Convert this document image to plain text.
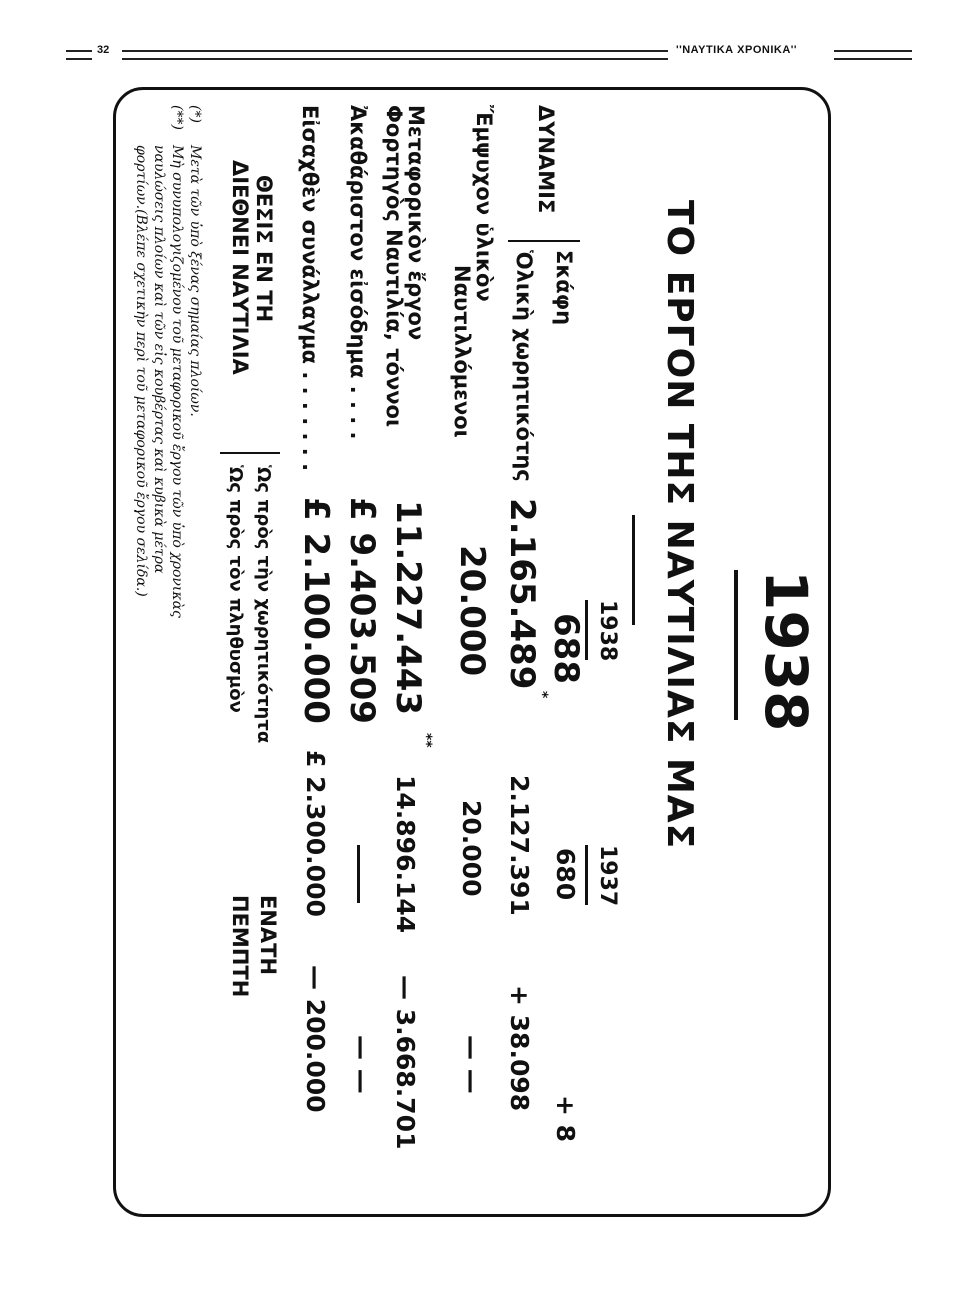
32	''ΝΑΥΤΙΚΑ ΧΡΟΝΙΚΑ''
1938
ΤΟ ΕΡΓΟΝ ΤΗΣ ΝΑΥΤΙΛΙΑΣ ΜΑΣ
1938
1937
ΔΥΝΑΜΙΣ
Σκάφη
688
680
+ 8
Ὁλικὴ χωρητικότης
2.165.489
*
2.127.391
+ 38.098
Ἔμψυχον ὑλικὸν
Ναυτιλλόμενοι
20.000
20.000
— —
Μεταφορικὸν ἔργον
Φορτηγὸς Ναυτιλία, τόννοι
11.227.443
**
14.896.144
— 3.668.701
Ἀκαθάριστον εἰσόδημα . . . .
£ 9.403.509
— —
Εἰσαχθὲν συνάλλαγμα . . . . . . .
£ 2.100.000
£ 2.300.000
— 200.000
ΘΕΣΙΣ ΕΝ ΤΗ
ΔΙΕΘΝΕΙ ΝΑΥΤΙΛΙΑ
Ὡς πρὸς τὴν χωρητικότητα
Ὡς πρὸς τὸν πληθυσμὸν
ΕΝΑΤΗ
ΠΕΜΠΤΗ
(*)
Μετὰ τῶν ὑπὸ ξένας σημαίας πλοίων.
(**)
Μὴ συνυπολογιζομένου τοῦ μεταφορικοῦ ἔργου τῶν ὑπὸ χρονικὰς
ναυλώσεις πλοίων καὶ τῶν εἰς κουβέρτας καὶ κυβικὰ μέτρα
φορτίων.(Βλέπε σχετικὴν περὶ τοῦ μεταφορικοῦ ἔργου σελίδα.)
